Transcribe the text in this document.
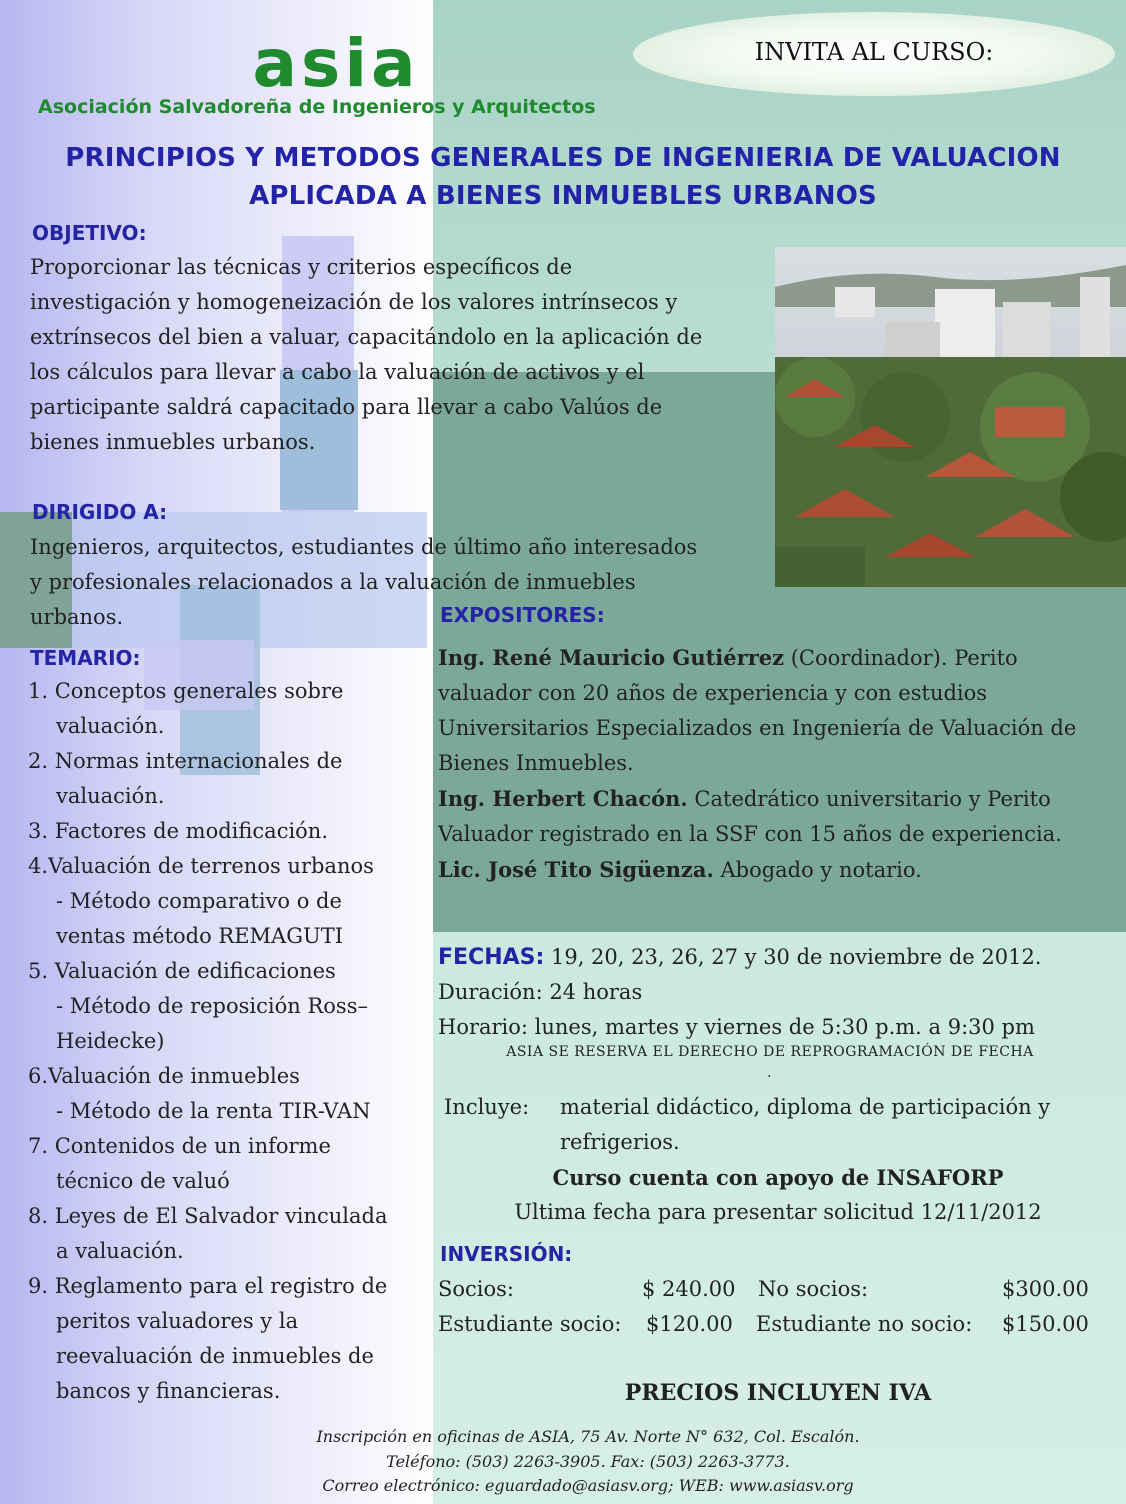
asia
Asociación Salvadoreña de Ingenieros y Arquitectos
INVITA AL CURSO:
PRINCIPIOS Y METODOS GENERALES DE INGENIERIA DE VALUACION
APLICADA A BIENES INMUEBLES URBANOS
OBJETIVO:
Proporcionar las técnicas y criterios específicos de
investigación y homogeneización de los valores intrínsecos y
extrínsecos del bien a valuar, capacitándolo en la aplicación de
los cálculos para llevar a cabo la valuación de activos y el
participante saldrá capacitado para llevar a cabo Valúos de
bienes inmuebles urbanos.
DIRIGIDO A:
Ingenieros, arquitectos, estudiantes de último año interesados
y profesionales relacionados a la valuación de inmuebles
urbanos.
TEMARIO:
1. Conceptos generales sobre
valuación.
2. Normas internacionales de
valuación.
3. Factores de modificación.
4.Valuación de terrenos urbanos
- Método comparativo o de
ventas método REMAGUTI
5. Valuación de edificaciones
- Método de reposición Ross–
Heidecke)
6.Valuación de inmuebles
- Método de la renta TIR-VAN
7. Contenidos de un informe
técnico de valuó
8. Leyes de El Salvador vinculada
a valuación.
9. Reglamento para el registro de
peritos valuadores y la
reevaluación de inmuebles de
bancos y financieras.
EXPOSITORES:
Ing. René Mauricio Gutiérrez (Coordinador). Perito valuador con 20 años de experiencia y con estudios Universitarios Especializados en Ingeniería de Valuación de Bienes Inmuebles.
Ing. Herbert Chacón. Catedrático universitario y Perito Valuador registrado en la SSF con 15 años de experiencia.
Lic. José Tito Sigüenza. Abogado y notario.
FECHAS: 19, 20, 23, 26, 27 y 30 de noviembre de 2012.
Duración: 24 horas
Horario: lunes, martes y viernes de 5:30 p.m. a 9:30 pm
ASIA SE RESERVA EL DERECHO DE REPROGRAMACIÓN DE FECHA
.
Incluye: material didáctico, diploma de participación y refrigerios.
Curso cuenta con apoyo de INSAFORP
Ultima fecha para presentar solicitud 12/11/2012
INVERSIÓN:
Socios:	$ 240.00 No socios:	$300.00
Estudiante socio: $120.00 Estudiante no socio: $150.00
PRECIOS INCLUYEN IVA
Inscripción en oficinas de ASIA, 75 Av. Norte N° 632, Col. Escalón.
Teléfono: (503) 2263-3905. Fax: (503) 2263-3773.
Correo electrónico: eguardado@asiasv.org; WEB: www.asiasv.org
